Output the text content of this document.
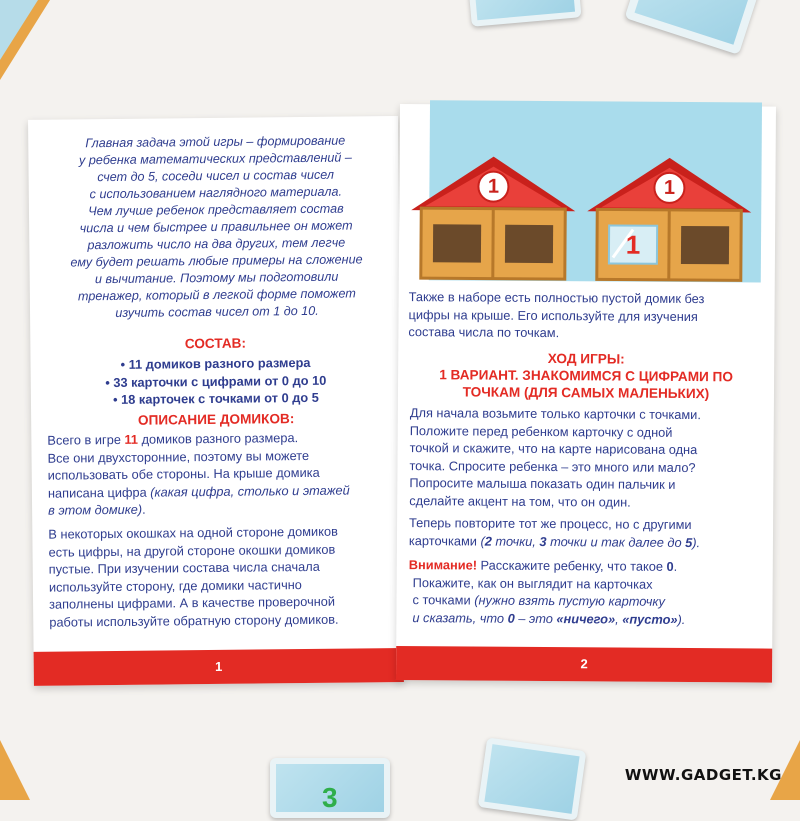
3
Главная задача этой игры – формирование
у ребенка математических представлений –
счет до 5, соседи чисел и состав чисел
с использованием наглядного материала.
Чем лучше ребенок представляет состав
числа и чем быстрее и правильнее он может
разложить число на два других, тем легче
ему будет решать любые примеры на сложение
и вычитание. Поэтому мы подготовили
тренажер, который в легкой форме поможет
изучить состав чисел от 1 до 10.
СОСТАВ:
• 11 домиков разного размера
• 33 карточки с цифрами от 0 до 10
• 18 карточек с точками от 0 до 5
ОПИСАНИЕ ДОМИКОВ:
Всего в игре 11 домиков разного размера.
Все они двухсторонние, поэтому вы можете
использовать обе стороны. На крыше домика
написана цифра (какая цифра, столько и этажей
в этом домике).
В некоторых окошках на одной стороне домиков
есть цифры, на другой стороне окошки домиков
пустые. При изучении состава числа сначала
используйте сторону, где домики частично
заполнены цифрами. А в качестве проверочной
работы используйте обратную сторону домиков.
1
1	1
1
Также в наборе есть полностью пустой домик без
цифры на крыше. Его используйте для изучения
состава числа по точкам.
ХОД ИГРЫ:
1 ВАРИАНТ. ЗНАКОМИМСЯ С ЦИФРАМИ ПО
ТОЧКАМ (ДЛЯ САМЫХ МАЛЕНЬКИХ)
Для начала возьмите только карточки с точками.
Положите перед ребенком карточку с одной
точкой и скажите, что на карте нарисована одна
точка. Спросите ребенка – это много или мало?
Попросите малыша показать один пальчик и
сделайте акцент на том, что он один.
Теперь повторите тот же процесс, но с другими
карточками (2 точки, 3 точки и так далее до 5).
Внимание! Расскажите ребенку, что такое 0.
Покажите, как он выглядит на карточках
с точками (нужно взять пустую карточку
и сказать, что 0 – это «ничего», «пусто»).
2
WWW.GADGET.KG
